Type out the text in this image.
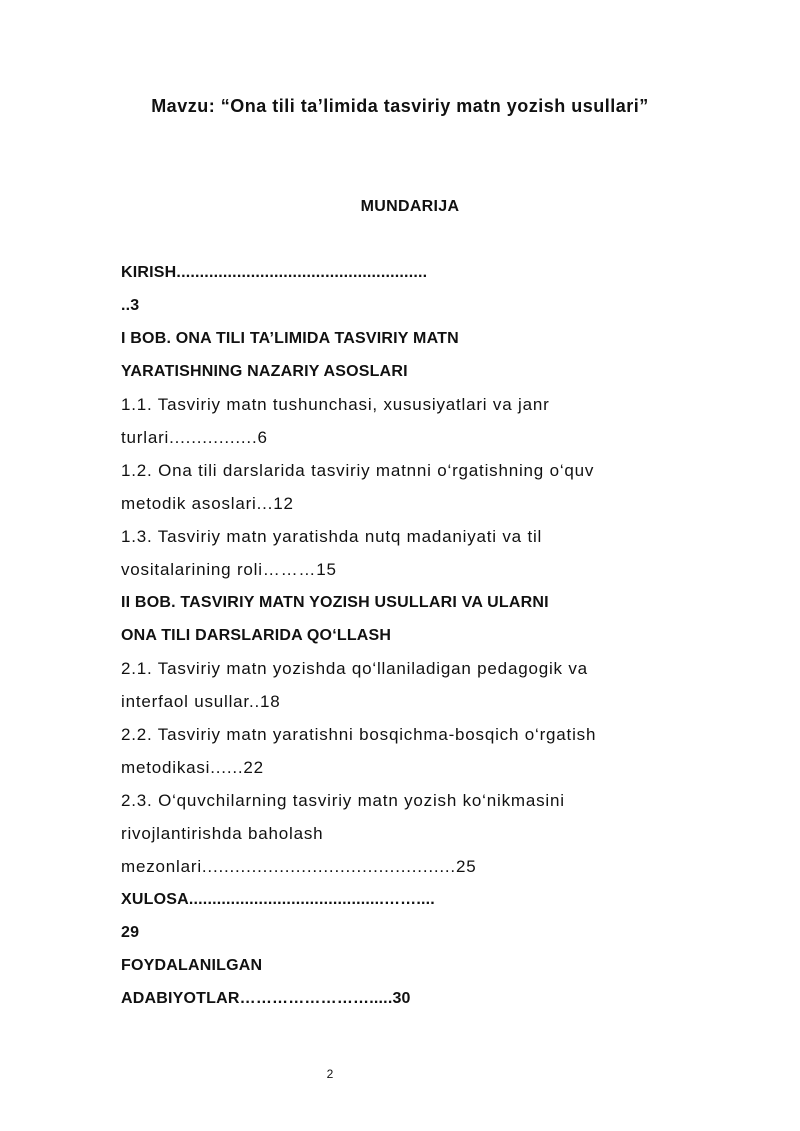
Mavzu: “Ona tili ta’limida tasviriy matn yozish usullari”
MUNDARIJA
KIRISH......................................................
..3
I BOB. ONA TILI TA’LIMIDA TASVIRIY MATN
YARATISHNING NAZARIY ASOSLARI
1.1. Tasviriy matn tushunchasi, xususiyatlari va janr
turlari................6
1.2. Ona tili darslarida tasviriy matnni o‘rgatishning o‘quv
metodik asoslari...12
1.3. Tasviriy matn yaratishda nutq madaniyati va til
vositalarining roli………15
II BOB. TASVIRIY MATN YOZISH USULLARI VA ULARNI
ONA TILI DARSLARIDA QO‘LLASH
2.1. Tasviriy matn yozishda qo‘llaniladigan pedagogik va
interfaol usullar..18
2.2. Tasviriy matn yaratishni bosqichma-bosqich o‘rgatish
metodikasi......22
2.3. O‘quvchilarning tasviriy matn yozish ko‘nikmasini
rivojlantirishda baholash
mezonlari..............................................25
XULOSA..........................................……....
29
FOYDALANILGAN
ADABIYOTLAR…………………….....30
2
